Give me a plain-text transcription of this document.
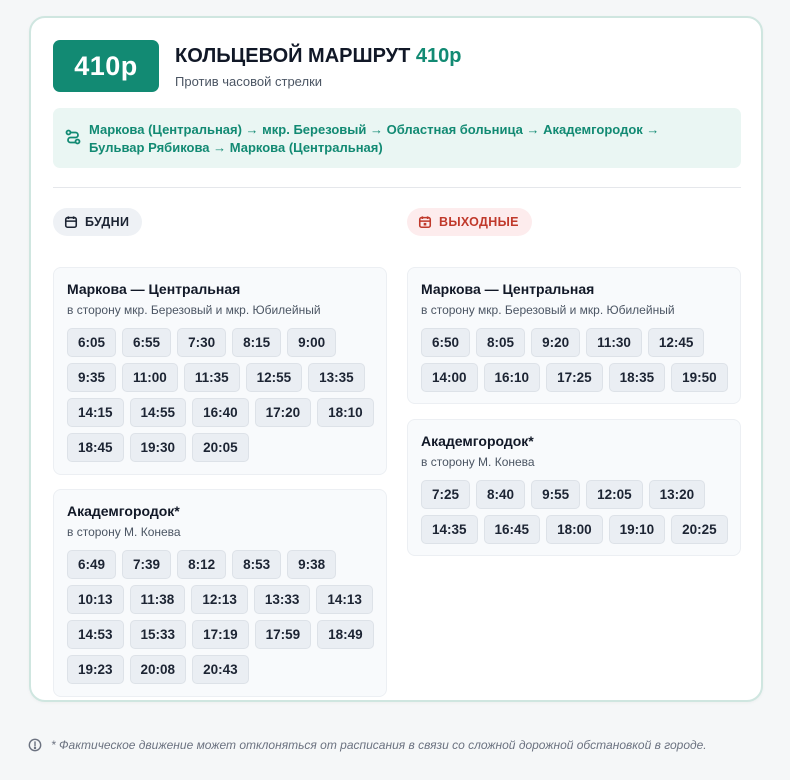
410р	КОЛЬЦЕВОЙ МАРШРУТ 410р
Против часовой стрелки
Маркова (Центральная) → мкр. Березовый → Областная больница → Академгородок →
Бульвар Рябикова → Маркова (Центральная)
БУДНИ
Маркова — Центральная
в сторону мкр. Березовый и мкр. Юбилейный
6:05	6:55	7:30	8:15	9:00
9:35	11:00	11:35	12:55	13:35
14:15	14:55	16:40	17:20	18:10
18:45	19:30	20:05
Академгородок*
в сторону М. Конева
6:49	7:39	8:12	8:53	9:38
10:13	11:38	12:13	13:33	14:13
14:53	15:33	17:19	17:59	18:49
19:23	20:08	20:43
ВЫХОДНЫЕ
Маркова — Центральная
в сторону мкр. Березовый и мкр. Юбилейный
6:50	8:05	9:20	11:30	12:45
14:00	16:10	17:25	18:35	19:50
Академгородок*
в сторону М. Конева
7:25	8:40	9:55	12:05	13:20
14:35	16:45	18:00	19:10	20:25
* Фактическое движение может отклоняться от расписания в связи со сложной дорожной обстановкой в городе.
